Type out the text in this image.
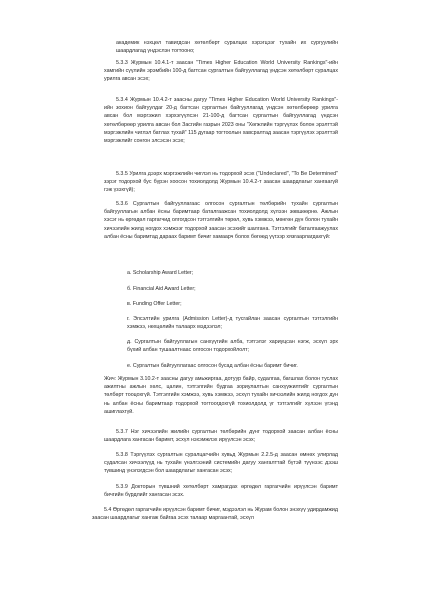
академик нэхцөл тавигдсан хөтөлбөрт суралцах хэрэгцээг тухайн их сургуулийн шаардлагад үндэслэн тогтооно;
5.3.3 Журмын 10.4.1-т заасан "Times Higher Education World University Rankings"-ийн хамгийн сүүлийн эрэмбийн 100-д багтсан сургалтын байгууллагад үндсэн хөтөлбөрт суралцах урилга авсан эсэх;
5.3.4 Журмын 10.4.2-т заасны дагуу "Times Higher Education World University Rankings"-ийн зохион байгуулдаг 20-д багтсан сургалтын байгууллагад үндсэн хөтөлбөрөөр урилга авсан бол мэргэжил хэрхэгүүлсэн 21-100-д багтсан сургалтын байгууллагад үндсэн хөтөлбөрөөр урилга авсан бол Засгийн газрын 2023 оны "Хөгжлийн тэргүүлэх болон эрэлттэй мэргэжлийн чиглэл батлах тухай" 115 дугаар тогтоолын хавсралтад заасан тэргүүлэх эрэлттэй мэргэжлийг сонгон элсэсэн эсэх;
5.3.5 Урилга дээрх мэргэжлийн чиглэл нь тодорхой эсэх ("Undeclared", "To Be Determined" зэрэг тодорхой бус бүрэн хоосон тохиолдолд Журмын 10.4.2-т заасан шаардлагыг хангаагүй гэж үзэхгүй);
5.3.6 Сургалтын байгууллагаас олгосон сургалтын төлбөрийн тухайн сургалтын байгууллагын албан ёсны баримтаар баталгаажсан тохиолдолд хүлээн зөвшөөрнө. Ажлын хэсэг нь өргөдөл гаргагчид олгогдсон тэтгэлгийн төрөл, хувь хэмжээ, мөнгөн дүн болон тухайн хичээлийн жилд ногдох хэмжээг тодорхой заасан эсэхийг шалгана. Тэтгэлгийг баталгаажуулах албан ёсны баримтад дараах баримт бичиг хамаарч болох бөгөөд үүгээр хязгаарлагдахгүй:
а. Scholarship Award Letter;
б. Financial Aid Award Letter;
в. Funding Offer Letter;
г. Элсэлтийн урилга (Admission Letter)-д тусгайлан заасан сургалтын тэтгэлгийн хэмжээ, нөхцөлийн талаарх мэдээлэл;
д. Сургалтын байгууллагын санхүүгийн алба, тэтгэлэг хариуцсан нэгж, эсхүл эрх бүхий албан тушаалтнаас олгосон тодорхойлолт;
е. Сургалтын байгууллагаас олгосон бусад албан ёсны баримт бичиг.
Жич: Журмын 3.10.2-т заасны дагуу амьжиргаа, дотуур байр, судалгаа, багшлах болон туслах ажилтны ажлын хөлс, цалин, тэтгэлгийн будгаа зориулалтын санхүүжилтийг сургалтын төлбөрт тооцохгүй. Тэтгэлгийн хэмжээ, хувь хэмжээ, эсхүл тухайн хичээлийн жилд ногдох дүн нь албан ёсны баримтаар тодорхой тогтоогдохгүй тохиолдолд үг тэтгэлгийг хүлээн үгэнд ашиглахгүй.
5.3.7 Нэг хичээлийн жилийн сургалтын төлбөрийн дүнг тодорхой заасан албан ёсны шаардлага хангасан баримт, эсхүл нэхэмжлэх ирүүлсэн эсэх;
5.3.8 Тэргүүлэх сургалтын суралцагчийн хувьд Журмын 2.2.5-д заасан өмнөх улирлад судалсан хичээлүүд нь тухайн үнэлгээний системийн дагуу хангалттай бүтэй түүнээс дээш түвшинд үнэлэгдсэн бол шаардлагыг хангасан эсэх;
5.3.9 Докторын түвшний хөтөлбөрт хамрагдах өргөдөл гаргагчийн ирүүлсэн баримт бичгийн бүрдлийг хангасан эсэх.
5.4 Өргөдөл гаргагчийн ирүүлсэн баримт бичиг, мэдээлэл нь Журам болон энэхүү удирдамжид заасан шаардлагыг хангаж байгаа эсэх талаар маргаантай, эсхүл
